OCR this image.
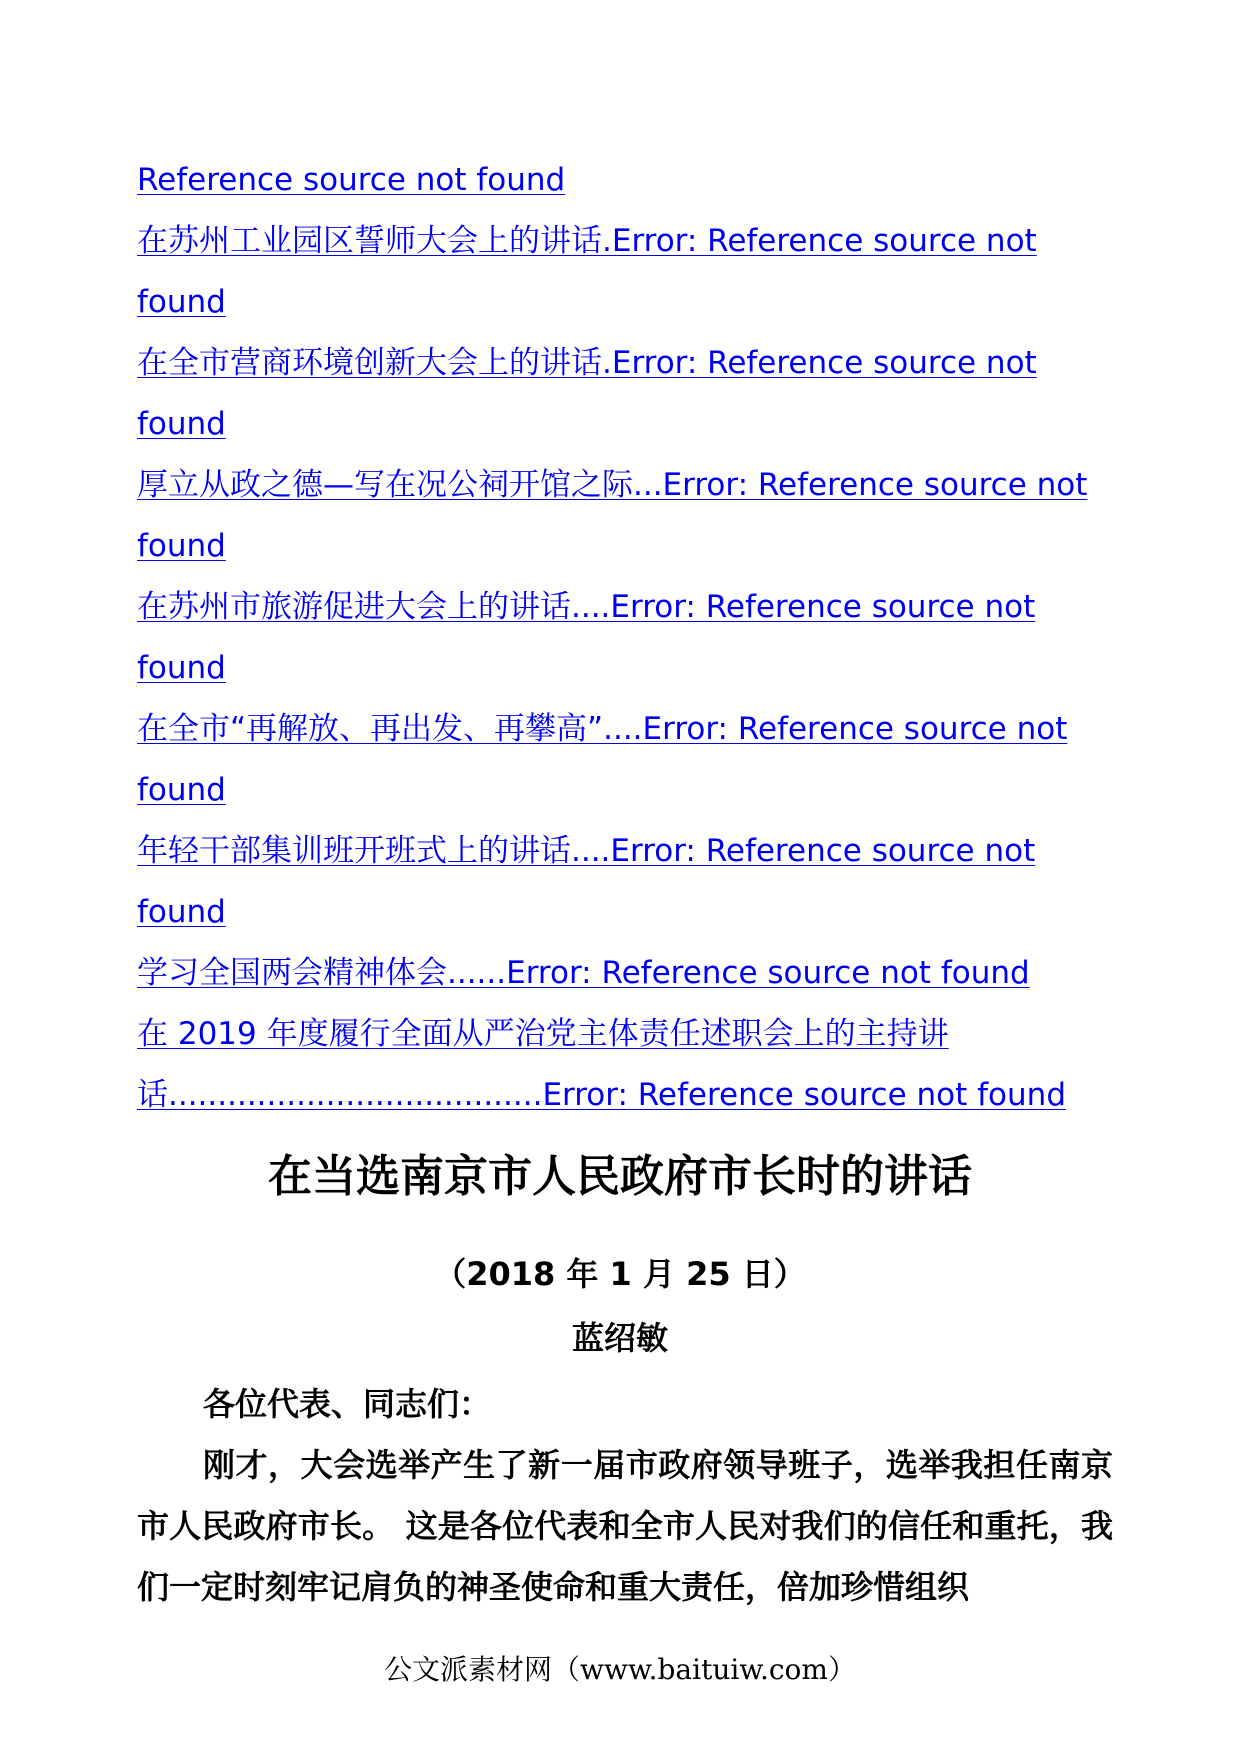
Reference source not found
在苏州工业园区誓师大会上的讲话.Error: Reference source not found
在全市营商环境创新大会上的讲话.Error: Reference source not found
厚立从政之德—写在况公祠开馆之际...Error: Reference source not found
在苏州市旅游促进大会上的讲话....Error: Reference source not found
在全市“再解放、再出发、再攀高”....Error: Reference source not found
年轻干部集训班开班式上的讲话....Error: Reference source not found
学习全国两会精神体会......Error: Reference source not found
在 2019 年度履行全面从严治党主体责任述职会上的主持讲话......................................Error: Reference source not found
在当选南京市人民政府市长时的讲话
（2018 年 1 月 25 日）
蓝绍敏

各位代表、同志们：

刚才，大会选举产生了新一届市政府领导班子，选举我担任南京市人民政府市长。 这是各位代表和全市人民对我们的信任和重托，我们一定时刻牢记肩负的神圣使命和重大责任，倍加珍惜组织

公文派素材网（www.baituiw.com）
